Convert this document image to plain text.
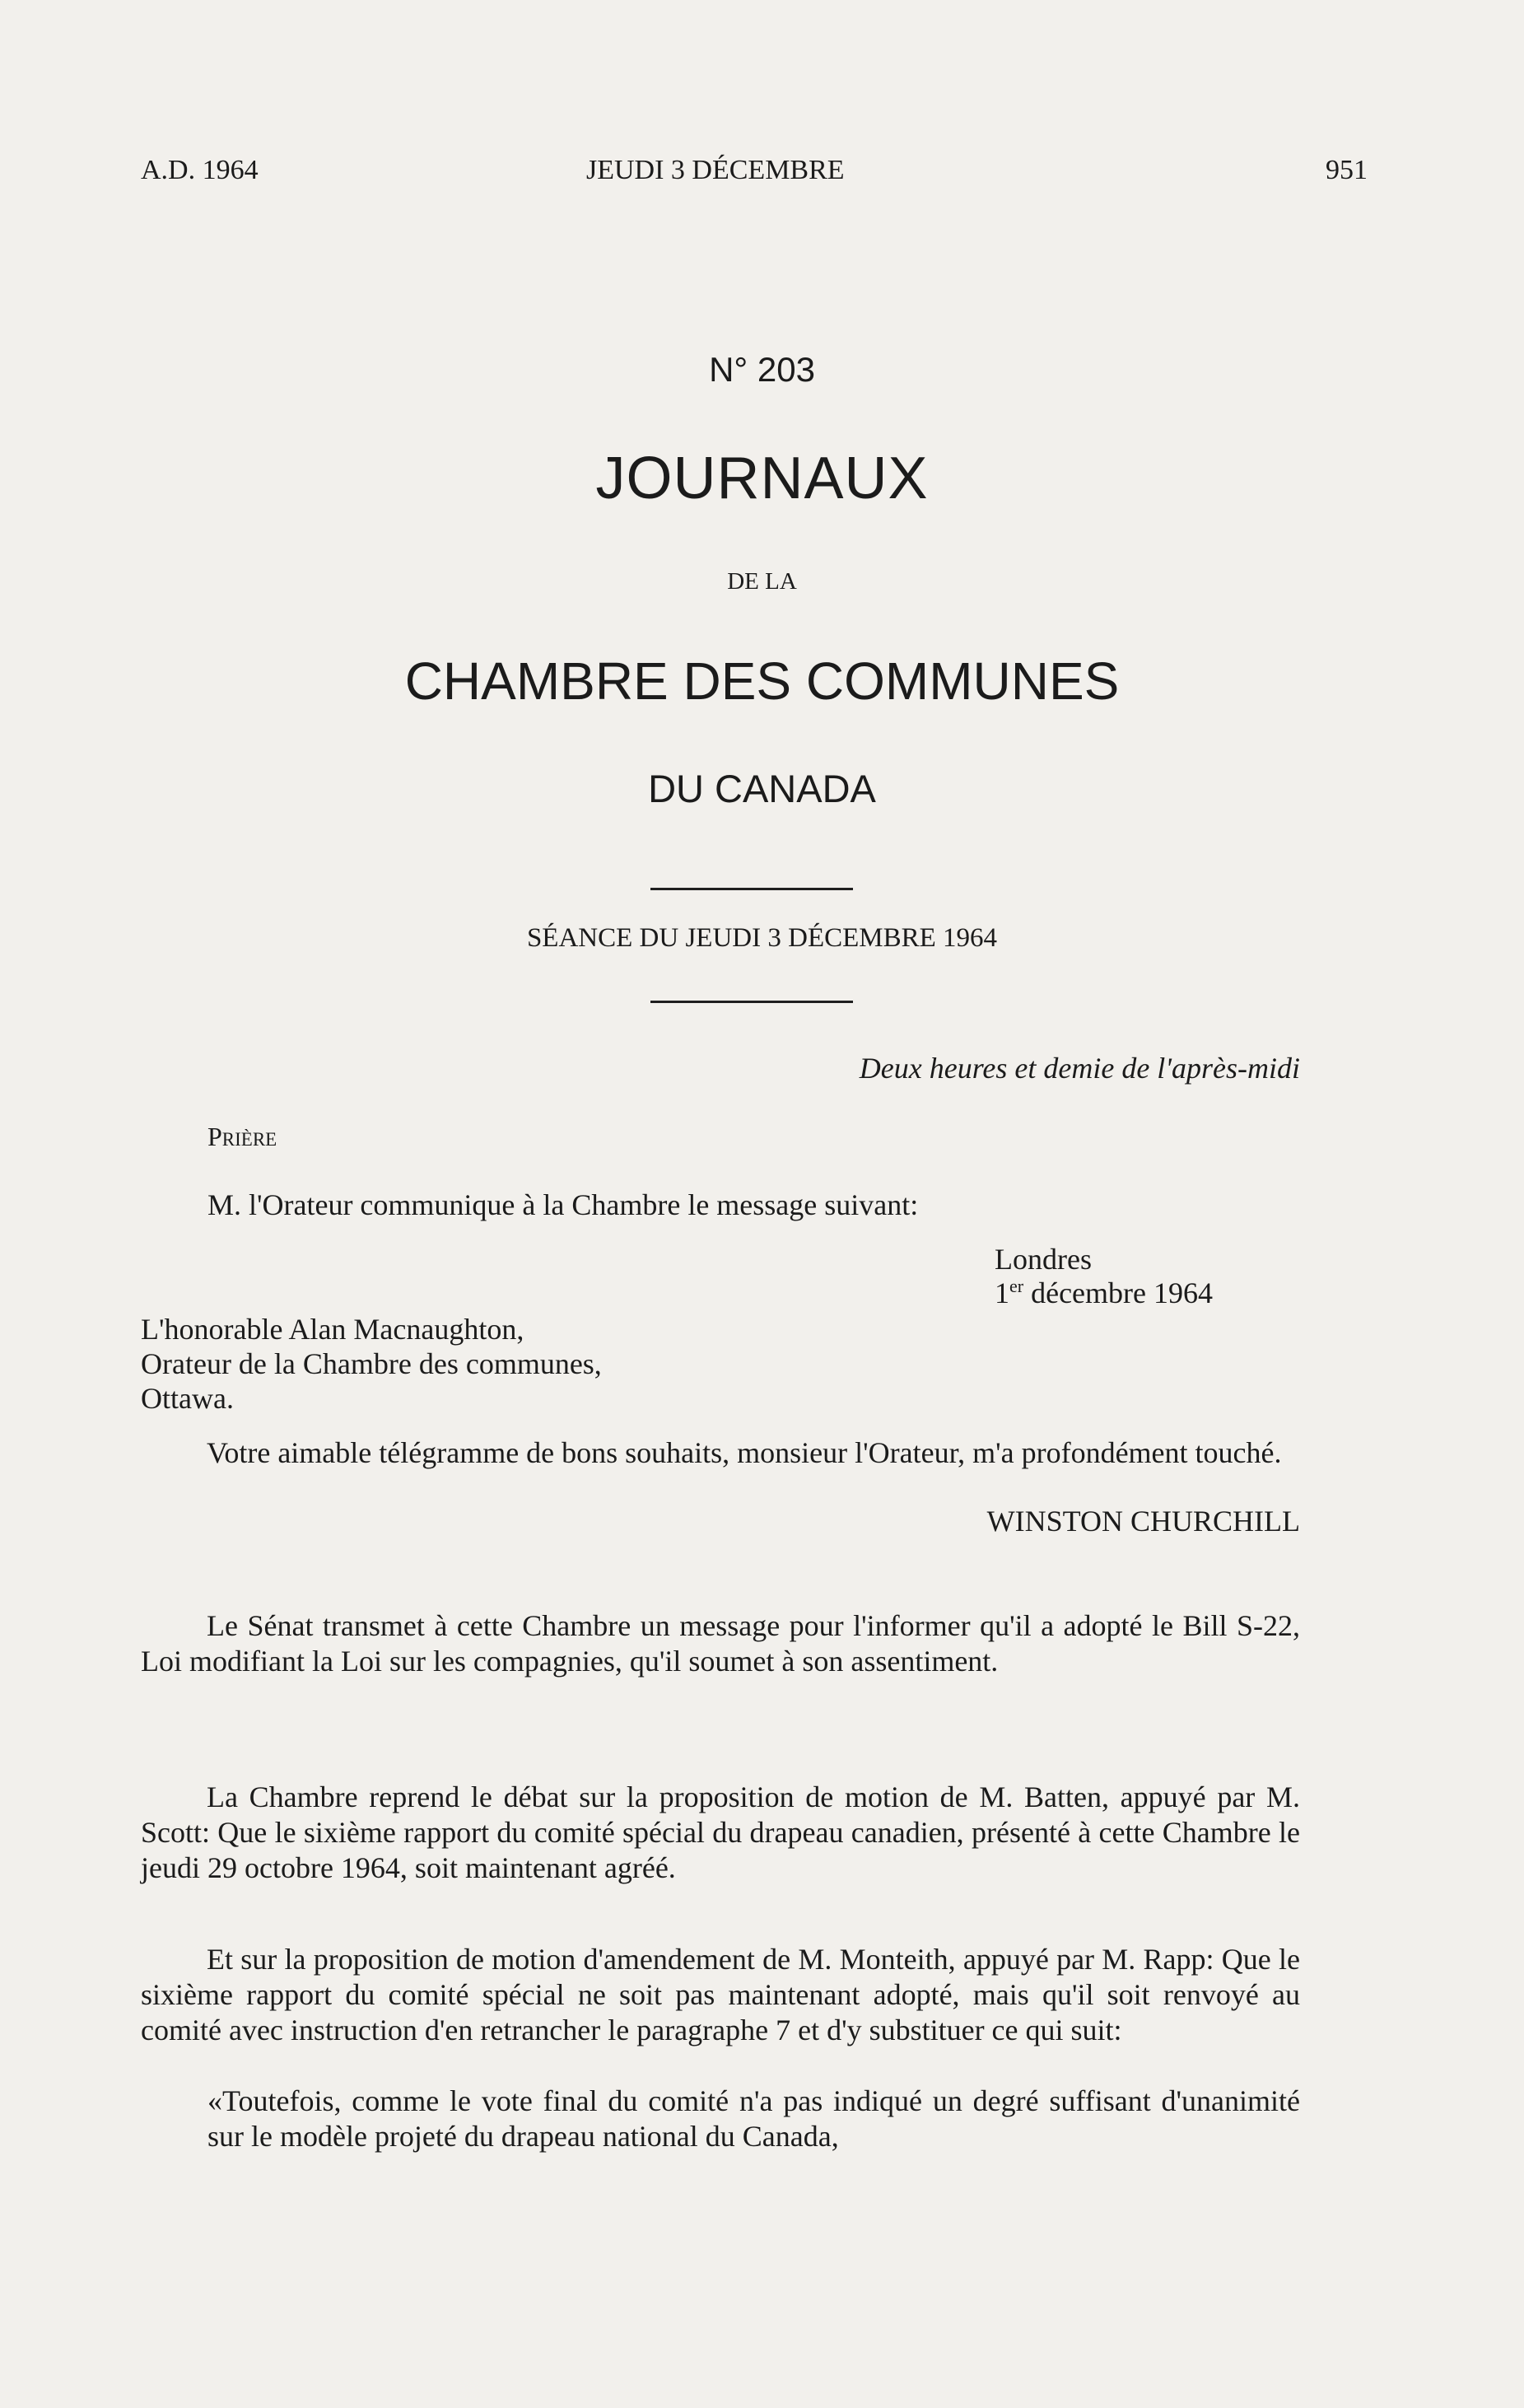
A.D. 1964	JEUDI 3 DÉCEMBRE	951
N° 203
JOURNAUX
DE LA
CHAMBRE DES COMMUNES
DU CANADA
SÉANCE DU JEUDI 3 DÉCEMBRE 1964
Deux heures et demie de l'après-midi
PRIÈRE
M. l'Orateur communique à la Chambre le message suivant:
Londres
1er décembre 1964
L'honorable Alan Macnaughton,
Orateur de la Chambre des communes,
Ottawa.
Votre aimable télégramme de bons souhaits, monsieur l'Orateur, m'a profondément touché.
WINSTON CHURCHILL
Le Sénat transmet à cette Chambre un message pour l'informer qu'il a adopté le Bill S-22, Loi modifiant la Loi sur les compagnies, qu'il soumet à son assentiment.
La Chambre reprend le débat sur la proposition de motion de M. Batten, appuyé par M. Scott: Que le sixième rapport du comité spécial du drapeau canadien, présenté à cette Chambre le jeudi 29 octobre 1964, soit maintenant agréé.
Et sur la proposition de motion d'amendement de M. Monteith, appuyé par M. Rapp: Que le sixième rapport du comité spécial ne soit pas maintenant adopté, mais qu'il soit renvoyé au comité avec instruction d'en retrancher le paragraphe 7 et d'y substituer ce qui suit:
«Toutefois, comme le vote final du comité n'a pas indiqué un degré suffisant d'unanimité sur le modèle projeté du drapeau national du Canada,
